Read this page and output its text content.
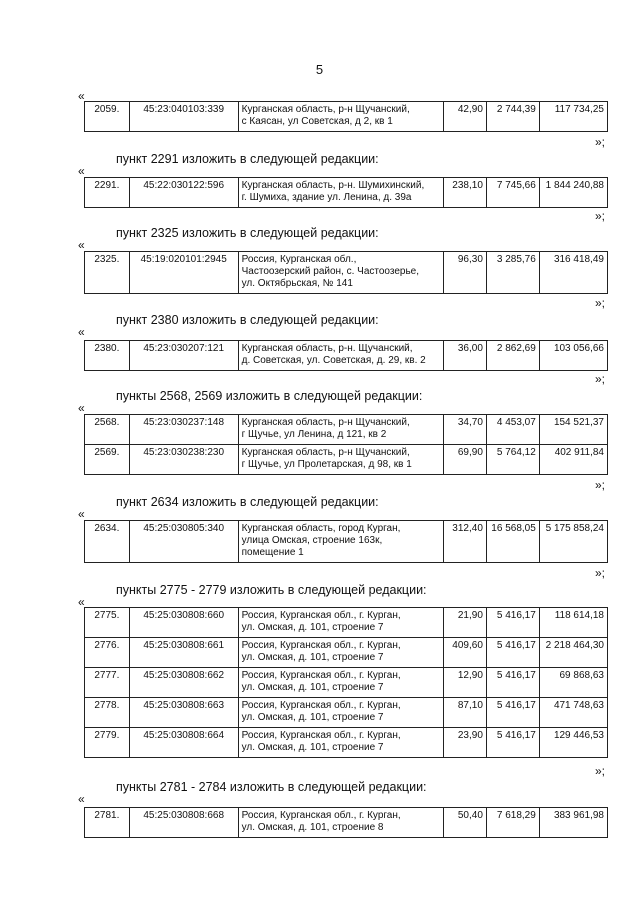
5
«
2059.	45:23:040103:339	Курганская область, р-н Щучанский,
с Каясан, ул Советская, д 2, кв 1
	42,90	2 744,39	117 734,25
»;
пункт 2291 изложить в следующей редакции:
«
2291.	45:22:030122:596	Курганская область, р-н. Шумихинский,
г. Шумиха, здание ул. Ленина, д. 39а
	238,10	7 745,66	1 844 240,88
»;
пункт 2325 изложить в следующей редакции:
«
2325.	45:19:020101:2945	Россия, Курганская обл.,
Частоозерский район, с. Частоозерье,
ул. Октябрьская, № 141
	96,30	3 285,76	316 418,49
»;
пункт 2380 изложить в следующей редакции:
«
2380.	45:23:030207:121	Курганская область, р-н. Щучанский,
д. Советская, ул. Советская, д. 29, кв. 2
	36,00	2 862,69	103 056,66
»;
пункты 2568, 2569 изложить в следующей редакции:
«
2568.	45:23:030237:148	Курганская область, р-н Щучанский,
г Щучье, ул Ленина, д 121, кв 2	34,70	4 453,07	154 521,37
2569.	45:23:030238:230	Курганская область, р-н Щучанский,
г Щучье, ул Пролетарская, д 98, кв 1	69,90	5 764,12	402 911,84
»;
пункт 2634 изложить в следующей редакции:
«
2634.	45:25:030805:340	Курганская область, город Курган,
улица Омская, строение 163к,
помещение 1
	312,40	16 568,05	5 175 858,24
»;
пункты 2775 - 2779 изложить в следующей редакции:
«
2775.	45:25:030808:660	Россия, Курганская обл., г. Курган,
ул. Омская, д. 101, строение 7	21,90	5 416,17	118 614,18
2776.	45:25:030808:661	Россия, Курганская обл., г. Курган,
ул. Омская, д. 101, строение 7	409,60	5 416,17	2 218 464,30
2777.	45:25:030808:662	Россия, Курганская обл., г. Курган,
ул. Омская, д. 101, строение 7	12,90	5 416,17	69 868,63
2778.	45:25:030808:663	Россия, Курганская обл., г. Курган,
ул. Омская, д. 101, строение 7	87,10	5 416,17	471 748,63
2779.	45:25:030808:664	Россия, Курганская обл., г. Курган,
ул. Омская, д. 101, строение 7	23,90	5 416,17	129 446,53
»;
пункты 2781 - 2784 изложить в следующей редакции:
«
2781.	45:25:030808:668	Россия, Курганская обл., г. Курган,
ул. Омская, д. 101, строение 8
	50,40	7 618,29	383 961,98
